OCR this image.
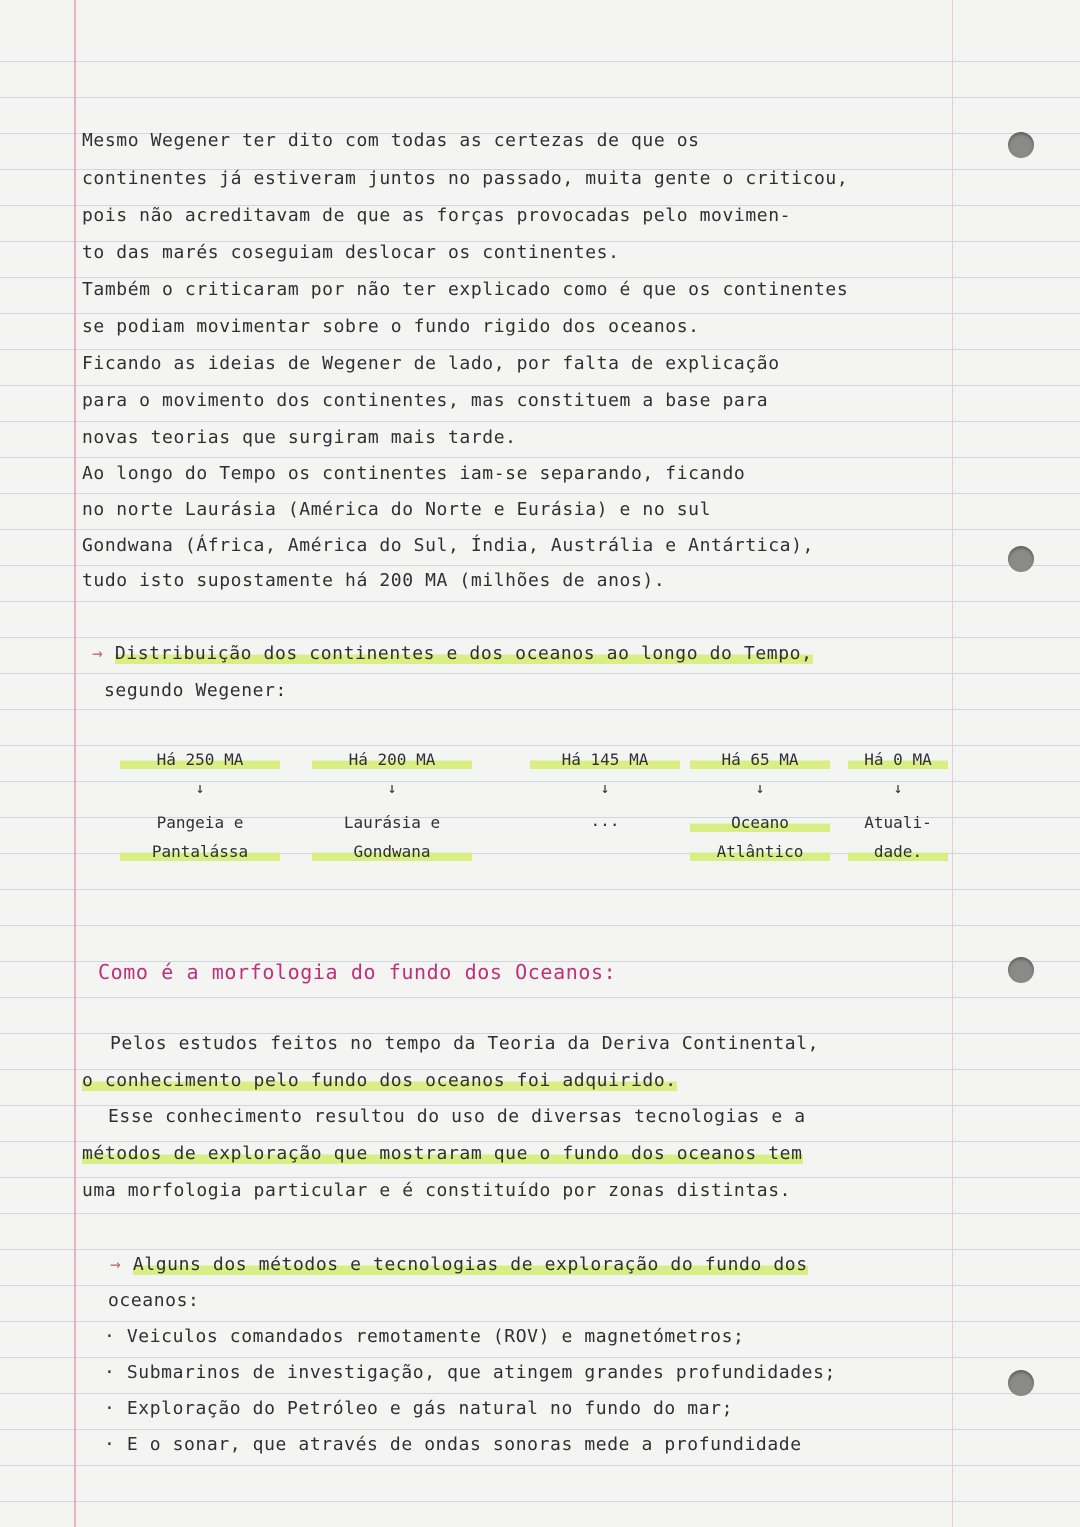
Mesmo Wegener ter dito com todas as certezas de que os
continentes já estiveram juntos no passado, muita gente o criticou,
pois não acreditavam de que as forças provocadas pelo movimen-
to das marés coseguiam deslocar os continentes.
Também o criticaram por não ter explicado como é que os continentes
se podiam movimentar sobre o fundo rigido dos oceanos.
Ficando as ideias de Wegener de lado, por falta de explicação
para o movimento dos continentes, mas constituem a base para
novas teorias que surgiram mais tarde.
Ao longo do Tempo os continentes iam-se separando, ficando
no norte Laurásia (América do Norte e Eurásia) e no sul
Gondwana (África, América do Sul, Índia, Austrália e Antártica),
tudo isto supostamente há 200 MA (milhões de anos).
→ Distribuição dos continentes e dos oceanos ao longo do Tempo,
segundo Wegener:
Há 250 MA
↓
Pangeia e
Pantalássa
Há 200 MA
↓
Laurásia e
Gondwana
Há 145 MA
↓
...
Há 65 MA
↓
Oceano
Atlântico
Há 0 MA
↓
Atuali-
dade.
Como é a morfologia do fundo dos Oceanos:
Pelos estudos feitos no tempo da Teoria da Deriva Continental,
o conhecimento pelo fundo dos oceanos foi adquirido.
Esse conhecimento resultou do uso de diversas tecnologias e a
métodos de exploração que mostraram que o fundo dos oceanos tem
uma morfologia particular e é constituído por zonas distintas.
→ Alguns dos métodos e tecnologias de exploração do fundo dos
oceanos:
· Veiculos comandados remotamente (ROV) e magnetómetros;
· Submarinos de investigação, que atingem grandes profundidades;
· Exploração do Petróleo e gás natural no fundo do mar;
· E o sonar, que através de ondas sonoras mede a profundidade
